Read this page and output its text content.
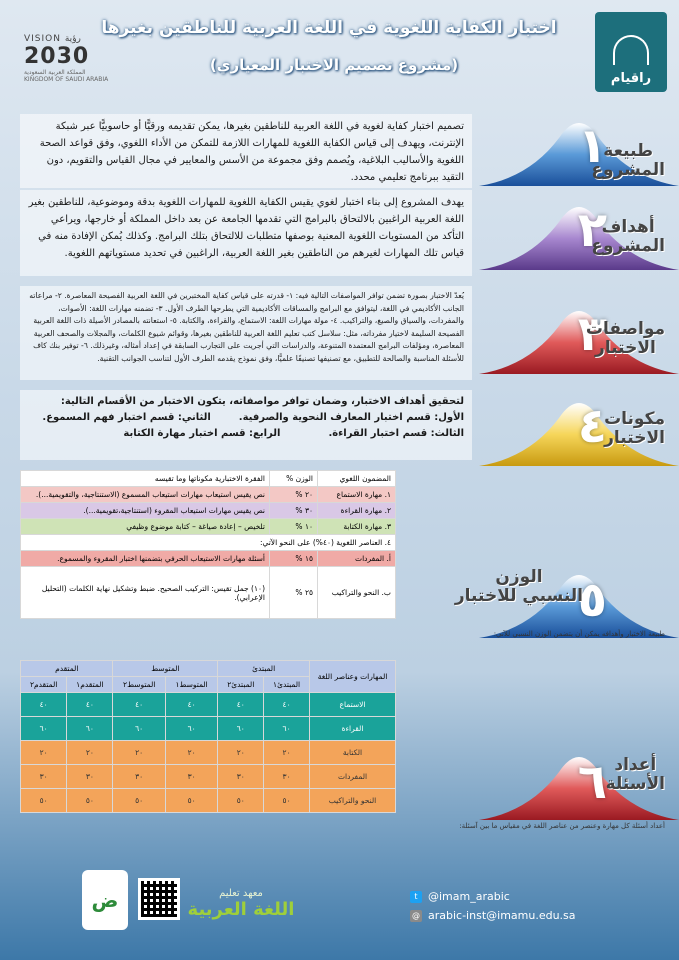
اختبار الكفاية اللغوية في اللغة العربية للناطقين بغيرها
(مشروع تصميم الاختبار المعياري)
راقيام
VISION رؤية
2030
المملكة العربية السعودية KINGDOM OF SAUDI ARABIA
تصميم اختبار كفاية لغوية في اللغة العربية للناطقين بغيرها، يمكن تقديمه ورقيًّا أو حاسوبيًّا عبر شبكة الإنترنت، ويهدف إلى قياس الكفاية اللغوية للمهارات اللازمة للتمكن من الأداء اللغوي، وفق قواعد الصحة اللغوية والأساليب البلاغية، ويُصمم وفق مجموعة من الأسس والمعايير في مجال القياس والتقويم، دون التقيد ببرنامج تعليمي محدد.
١
طبيعة
المشروع
يهدف المشروع إلى بناء اختبار لغوي يقيس الكفاية اللغوية للمهارات اللغوية بدقة وموضوعية، للناطقين بغير اللغة العربية الراغبين بالالتحاق بالبرامج التي تقدمها الجامعة عن بعد داخل المملكة أو خارجها، ويراعي التأكد من المستويات اللغوية المعنية بوصفها متطلبات للالتحاق بتلك البرامج. وكذلك يُمكن الإفادة منه في قياس تلك المهارات لغيرهم من الناطقين بغير اللغة العربية، الراغبين في تحديد مستوياتهم اللغوية. ٢
أهداف
المشروع
يُعدّ الاختبار بصورة تضمن توافر المواصفات التالية فيه: ١- قدرته على قياس كفاية المختبرين في اللغة العربية الفصيحة المعاصرة. ٢- مراعاته الجانب الأكاديمي في اللغة، ليتوافق مع البرامج والمساقات الأكاديمية التي يطرحها الطرف الأول. ٣- تضمنه مهارات اللغة: الأصوات، والمفردات، والسياق والصيغ، والتراكيب. ٤- مولة مهارات اللغة: الاستماع، والقراءة، والكتابة. ٥- استعانته بالمصادر الأصيلة ذات اللغة العربية الفصيحة السليمة لاختيار مفرداته، مثل: سلاسل كتب تعليم اللغة العربية للناطقين بغيرها، وقوائم شيوع الكلمات، والمجلات والصحف العربية المعاصرة، ومؤلفات البرامج المعتمدة المتنوعة، والدراسات التي أجريت على التجارب السابقة في إعداد أمثاله، وغيرذلك. ٦- توفير بنك كاف للأسئلة المناسبة والصالحة للتطبيق، مع تصنيفها تصنيفًا علميًّا، وفق نموذج يقدمه الطرف الأول لتناسب الجوانب التقنية. ٣
مواصفات
الاختبار
لتحقيق أهداف الاختبار، وضمان توافر مواصفاته، يتكون الاختبار من الأقسام التالية:
الأول: قسم اختبار المعارف النحوية والصرفية.
الثاني: قسم اختبار فهم المسموع.
الثالث: قسم اختبار القراءة.
الرابع: قسم اختبار مهارة الكتابة	٤
مكونات
الاختبار
المضمون اللغوي	الوزن %	الفقرة الاختبارية مكوناتها وما تقيسه
١. مهارة الاستماع	٢٠ %	نص يقيس استيعاب مهارات استيعاب المسموع (الاستنتاجية، والتقويمية...).
٢. مهارة القراءة	٣٠ %	نص يقيس مهارات استيعاب المقروء (استنتاجية،تقويمية...).
٣. مهارة الكتابة	١٠ %	تلخيص – إعادة صياغة – كتابة موضوع وظيفي
٤. العناصر اللغوية (٤٠%) على النحو الآتي:		
أ. المفردات	١٥ %	أسئلة مهارات الاستيعاب الحرفي بتضمنها اختبار المقروء والمسموع.
ب. النحو والتراكيب	٢٥ %	(١٠) جمل تقيس: التركيب الصحيح. ضبط وتشكيل نهاية الكلمات (التحليل الإعرابي).	٥
الوزن
النسبي للاختبار
طبيعة الاختبار وأهدافه يمكن أن يتضمن الوزن النسبي للآتي:
المهارات وعناصر اللغة	المبتدئ		المتوسط		المتقدم	
	المبتدئ١	المبتدئ٢	المتوسط١	المتوسط٢	المتقدم١	المتقدم٢
الاستماع	٤٠	٤٠	٤٠	٤٠	٤٠	٤٠
القراءة	٦٠	٦٠	٦٠	٦٠	٦٠	٦٠
الكتابة	٢٠	٢٠	٢٠	٢٠	٢٠	٢٠
المفردات	٣٠	٣٠	٣٠	٣٠	٣٠	٣٠
النحو والتراكيب	٥٠	٥٠	٥٠	٥٠	٥٠	٥٠	٦ أعداد
الأسئلة
أعداد أسئلة كل مهارة وعنصر من عناصر اللغة في مقياس ما بين آسئلة:
t @imam_arabic
@ arabic-inst@imamu.edu.sa
معهد تعليم
اللغة العربية
ض
